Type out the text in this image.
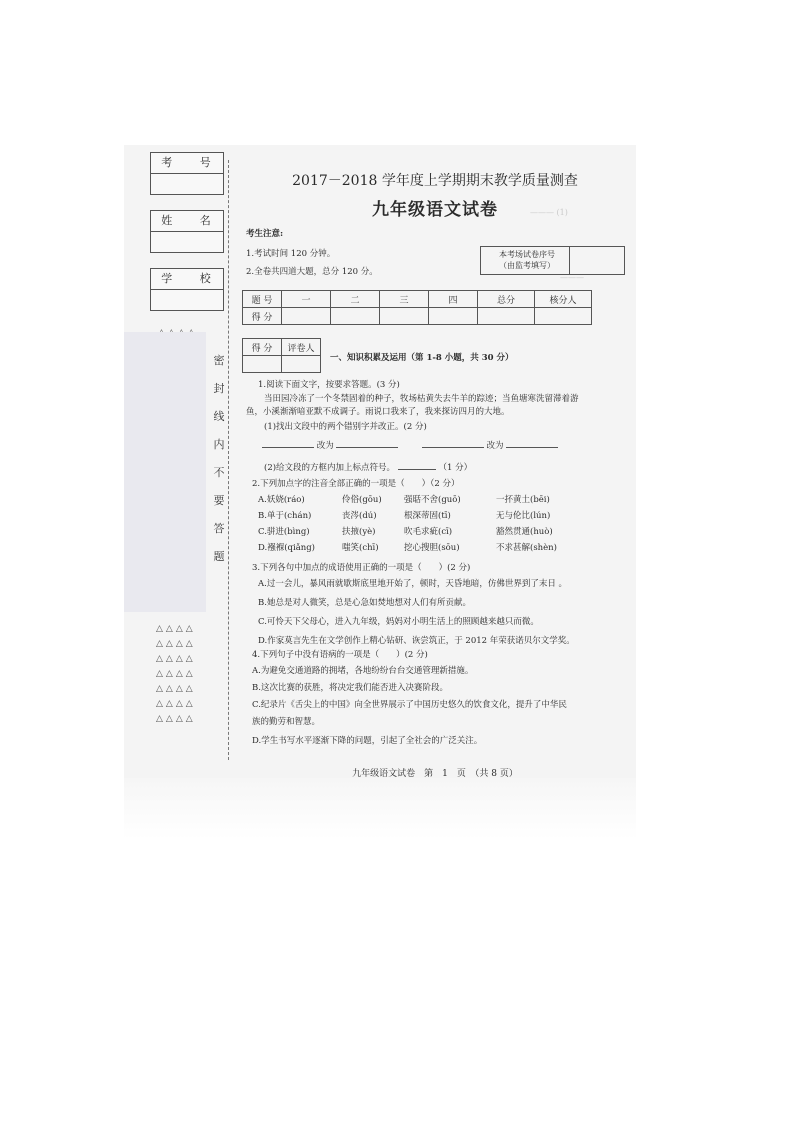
——— (1)
———
考 号
姓 名
学 校
△△△△
△△△△
△△△△
△△△△
△△△△
△△△△
△△△△
密
封
线
内
不
要
答
题
2017－2018 学年度上学期期末教学质量测查
九年级语文试卷
考生注意:
1.考试时间 120 分钟。
2.全卷共四道大题，总分 120 分。
本考场试卷序号
（由监考填写）
题 号	一	二	三	四	总分	核分人
得 分						
得 分	评卷人

一、知识积累及运用（第 1-8 小题，共 30 分）
1.阅读下面文字，按要求答题。(3 分)
当田园冷冻了一个冬禁固着的种子，牧场枯黄失去牛羊的踪迹；当鱼塘寒洗留滞着游
鱼，小溪渐渐喑亚默不成调子。雨说口我来了，我来探访四月的大地。
(1)找出文段中的两个错别字并改正。(2 分)
改为	改为
(2)给文段的方框内加上标点符号。	（1 分）
2.下列加点字的注音全部正确的一项是（　　）（2 分）
A.妖娆(ráo)	伶俗(gōu)	强聒不舍(guō)	一抔黄土(bēi)
B.单于(chán)	丧涔(dú)	根深蒂固(tī)	无与伦比(lún)
C.骈进(bìng)	扶掖(yè)	吹毛求疵(cī)	豁然贯通(huò)
D.襁褓(qiǎng)	嗤笑(chī)	挖心搜胆(sōu)	不求甚解(shèn)
3.下列各句中加点的成语使用正确的一项是（　　）(2 分)
A.过一会儿，暴风雨就歇斯底里地开始了，顿时，天昏地暗，仿佛世界到了末日 。
B.她总是对人微笑，总是心急如焚地想对人们有所贡献。
C.可怜天下父母心，进入九年级，妈妈对小明生活上的照顾越来越只而微。
D.作家莫言先生在文学创作上精心钻研、诙尝筑正，于 2012 年荣获诺贝尔文学奖。
4.下列句子中没有语病的一项是（　　）(2 分)
A.为避免交通道路的拥堵，各地纷纷台台交通管理新措施。
B.这次比赛的获胜，将决定我们能否进入决赛阶段。
C.纪录片《舌尖上的中国》向全世界展示了中国历史悠久的饮食文化，提升了中华民
族的勤劳和智慧。
D.学生书写水平逐渐下降的问题，引起了全社会的广泛关注。
九年级语文试卷　第　1　页　（共 8 页）
